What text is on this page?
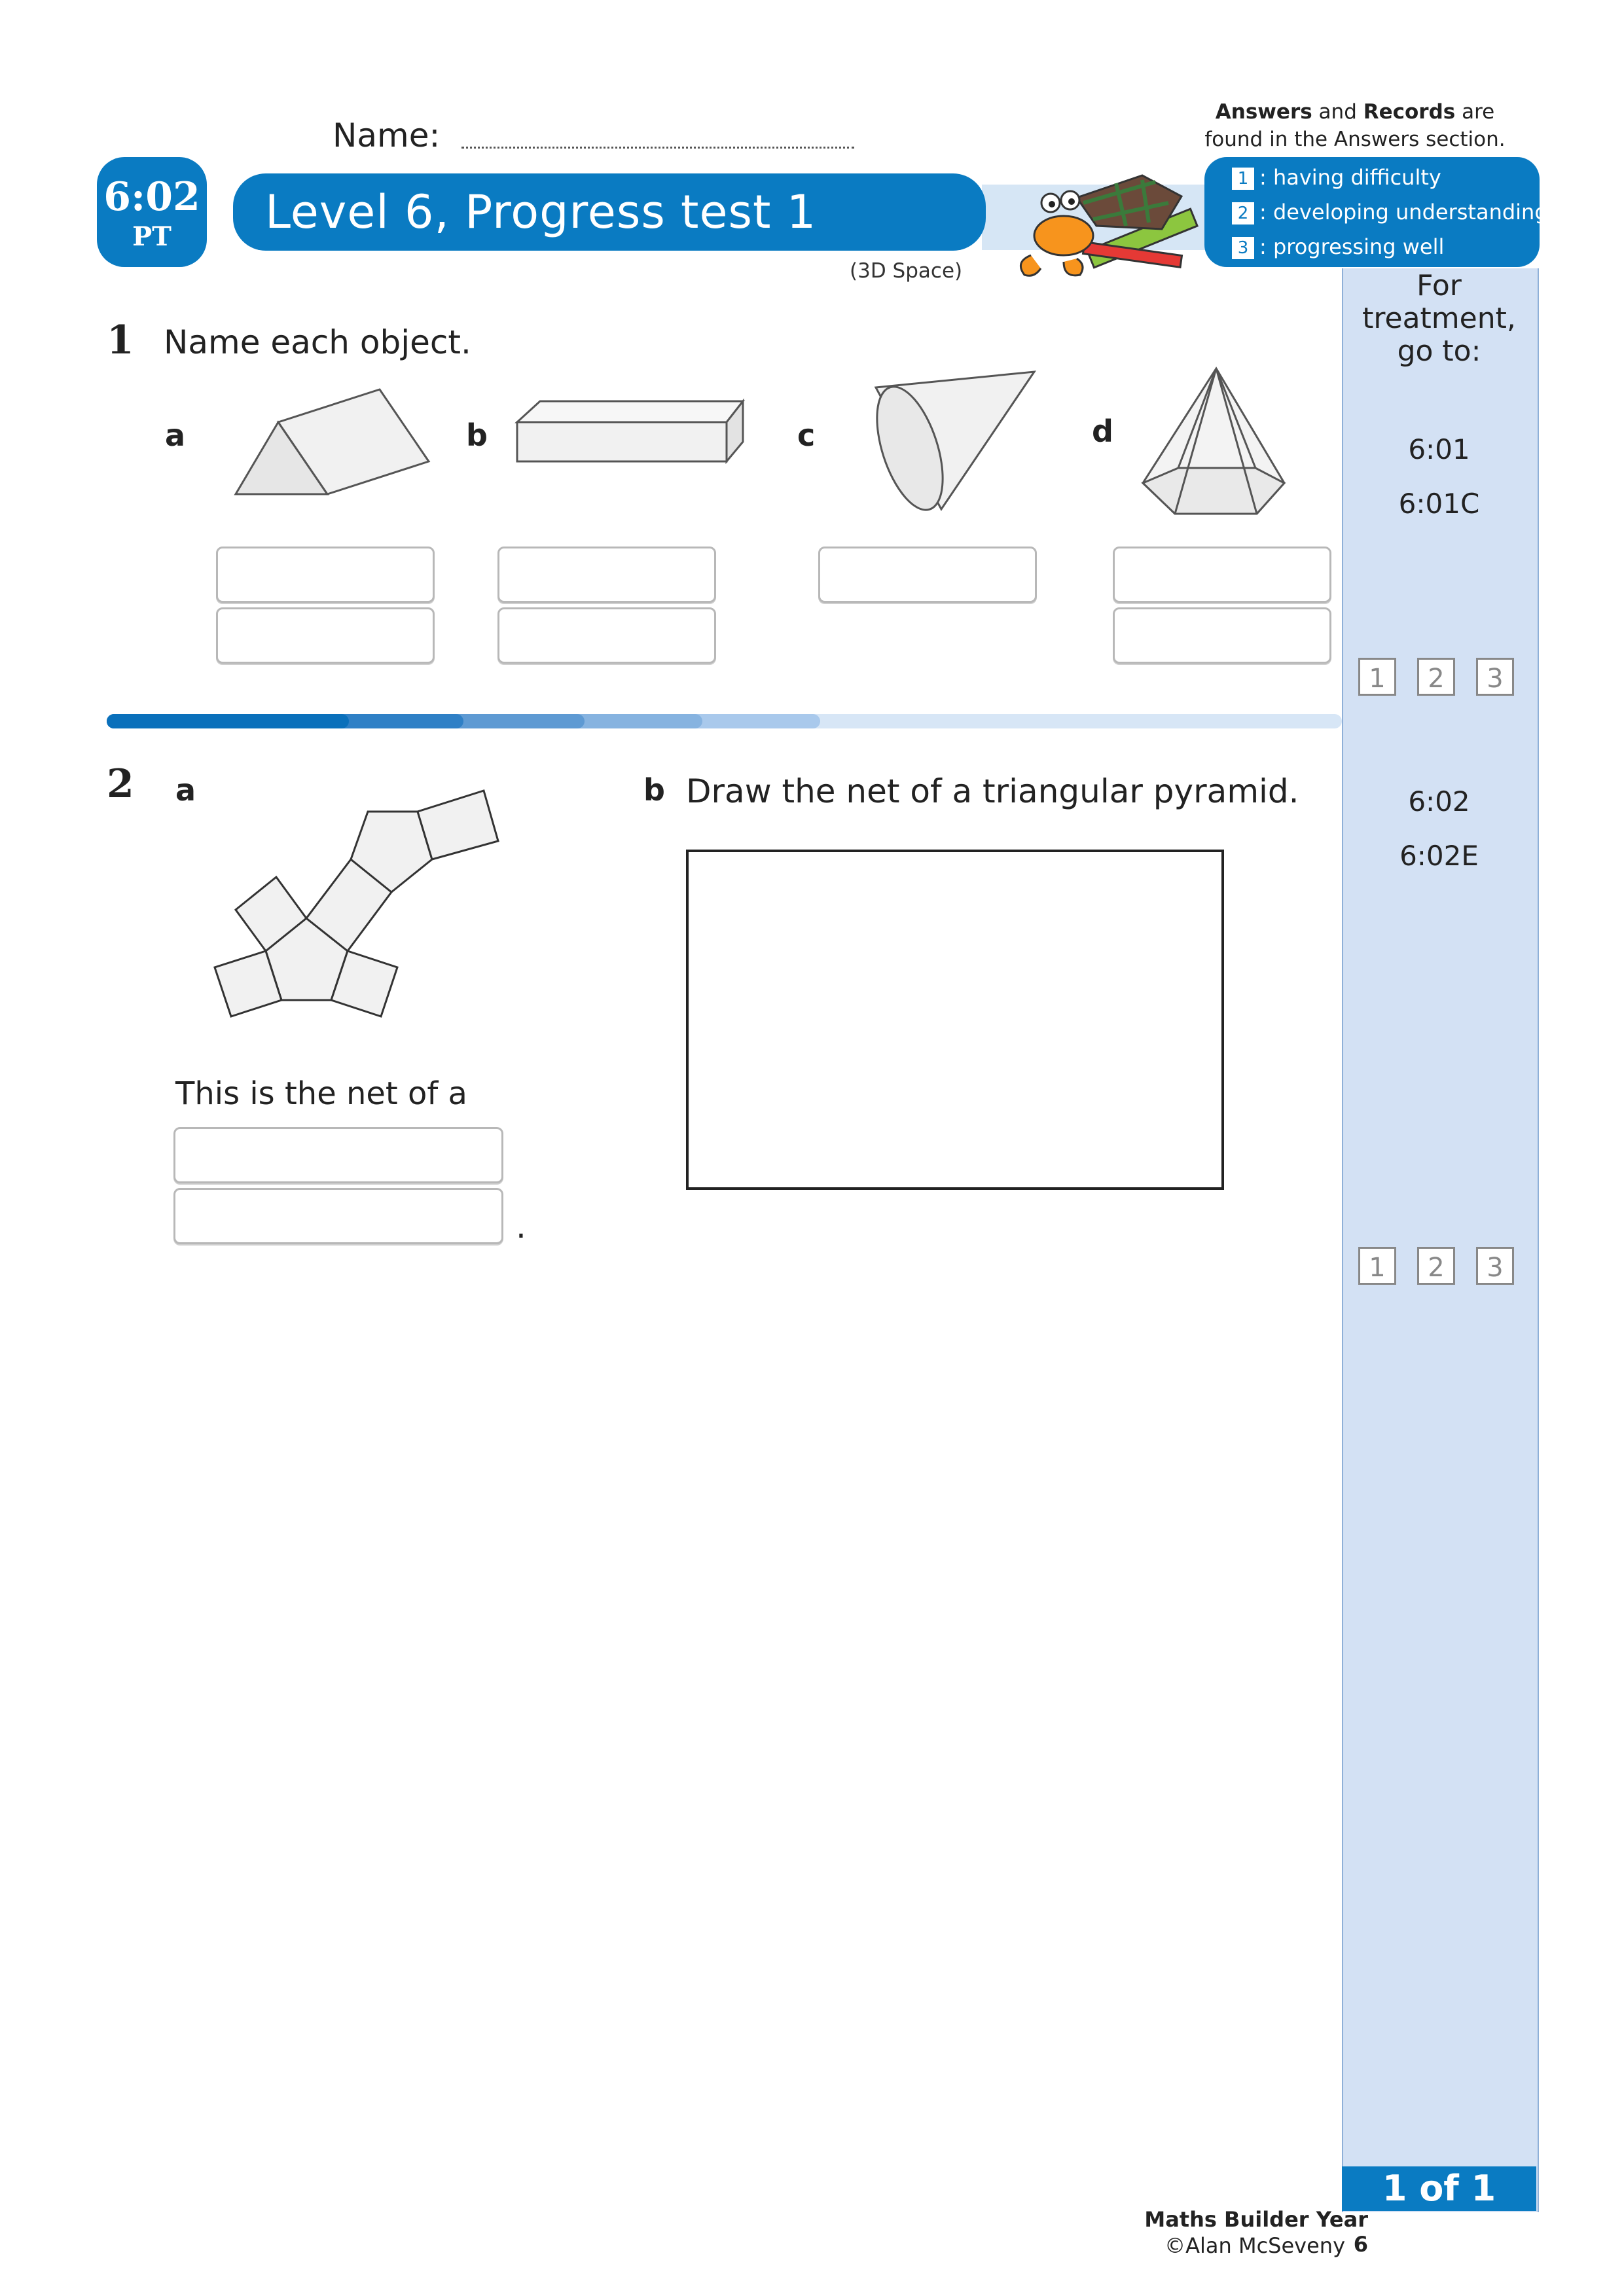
Name:
Answers and Records are
found in the Answers section.
Level 6, Progress test 1
6:02
PT
(3D Space)
1 : having difficulty
2 : developing understanding
3 : progressing well
For treatment,
go to:
6:01
6:01C
1	2	3
6:02
6:02E
1	2	3
1 of 1
1 Name each object.
a	b	c	d
2 a
This is the net of a
.
b Draw the net of a triangular pyramid.
Maths Builder Year 6
©Alan McSeveny
